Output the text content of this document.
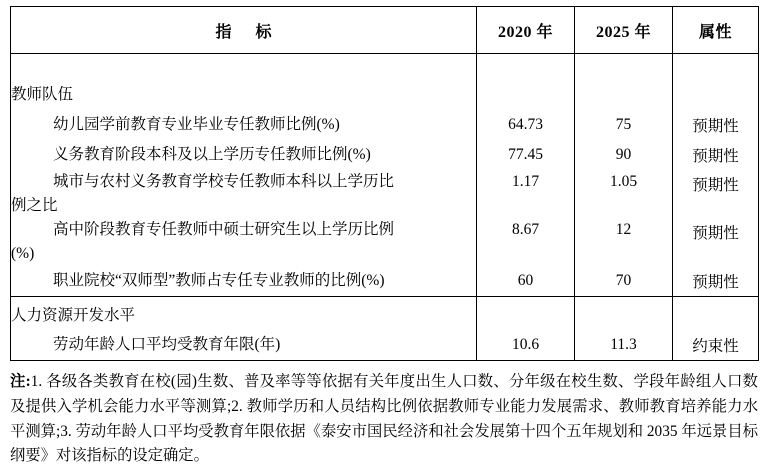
指 标	2020 年	2025 年	属性

教师队伍			

幼儿园学前教育专业毕业专任教师比例(%)	64.73	75	预期性

义务教育阶段本科及以上学历专任教师比例(%)	77.45	90	预期性

城市与农村义务教育学校专任教师本科以上学历比
例之比	1.17	1.05	预期性

高中阶段教育专任教师中硕士研究生以上学历比例
(%)	8.67	12	预期性

职业院校“双师型”教师占专任专业教师的比例(%)	60	70	预期性
人力资源开发水平			

劳动年龄人口平均受教育年限(年)	10.6	11.3	约束性

注:1. 各级各类教育在校(园)生数、普及率等等依据有关年度出生人口数、分年级在校生数、学段年龄组人口数及提供入学机会能力水平等测算;2. 教师学历和人员结构比例依据教师专业能力发展需求、教师教育培养能力水平测算;3. 劳动年龄人口平均受教育年限依据《泰安市国民经济和社会发展第十四个五年规划和 2035 年远景目标纲要》对该指标的设定确定。
